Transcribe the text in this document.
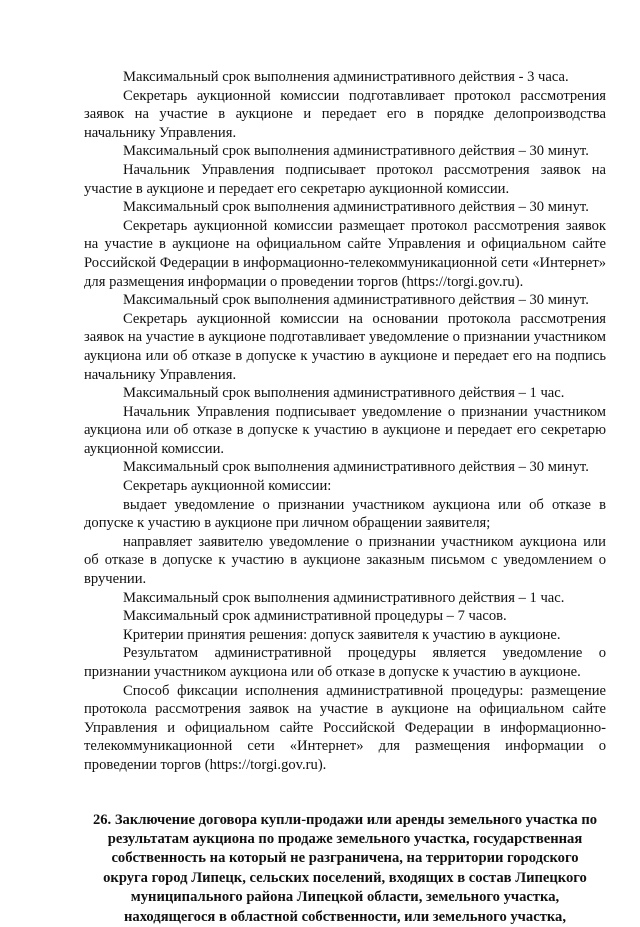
Максимальный срок выполнения административного действия - 3 часа.

Секретарь аукционной комиссии подготавливает протокол рассмотрения заявок на участие в аукционе и передает его в порядке делопроизводства начальнику Управления.

Максимальный срок выполнения административного действия – 30 минут.

Начальник Управления подписывает протокол рассмотрения заявок на участие в аукционе и передает его секретарю аукционной комиссии.

Максимальный срок выполнения административного действия – 30 минут.

Секретарь аукционной комиссии размещает протокол рассмотрения заявок на участие в аукционе на официальном сайте Управления и официальном сайте Российской Федерации в информационно-телекоммуникационной сети «Интернет» для размещения информации о проведении торгов (https://torgi.gov.ru).

Максимальный срок выполнения административного действия – 30 минут.

Секретарь аукционной комиссии на основании протокола рассмотрения заявок на участие в аукционе подготавливает уведомление о признании участником аукциона или об отказе в допуске к участию в аукционе и передает его на подпись начальнику Управления.

Максимальный срок выполнения административного действия – 1 час.

Начальник Управления подписывает уведомление о признании участником аукциона или об отказе в допуске к участию в аукционе и передает его секретарю аукционной комиссии.

Максимальный срок выполнения административного действия – 30 минут.

Секретарь аукционной комиссии:

выдает уведомление о признании участником аукциона или об отказе в допуске к участию в аукционе при личном обращении заявителя;

направляет заявителю уведомление о признании участником аукциона или об отказе в допуске к участию в аукционе заказным письмом с уведомлением о вручении.

Максимальный срок выполнения административного действия – 1 час.

Максимальный срок административной процедуры – 7 часов.

Критерии принятия решения: допуск заявителя к участию в аукционе.

Результатом административной процедуры является уведомление о признании участником аукциона или об отказе в допуске к участию в аукционе.

Способ фиксации исполнения административной процедуры: размещение протокола рассмотрения заявок на участие в аукционе на официальном сайте Управления и официальном сайте Российской Федерации в информационно-телекоммуникационной сети «Интернет» для размещения информации о проведении торгов (https://torgi.gov.ru).

26. Заключение договора купли-продажи или аренды земельного участка по результатам аукциона по продаже земельного участка, государственная собственность на который не разграничена, на территории городского округа город Липецк, сельских поселений, входящих в состав Липецкого муниципального района Липецкой области, земельного участка, находящегося в областной собственности, или земельного участка,
